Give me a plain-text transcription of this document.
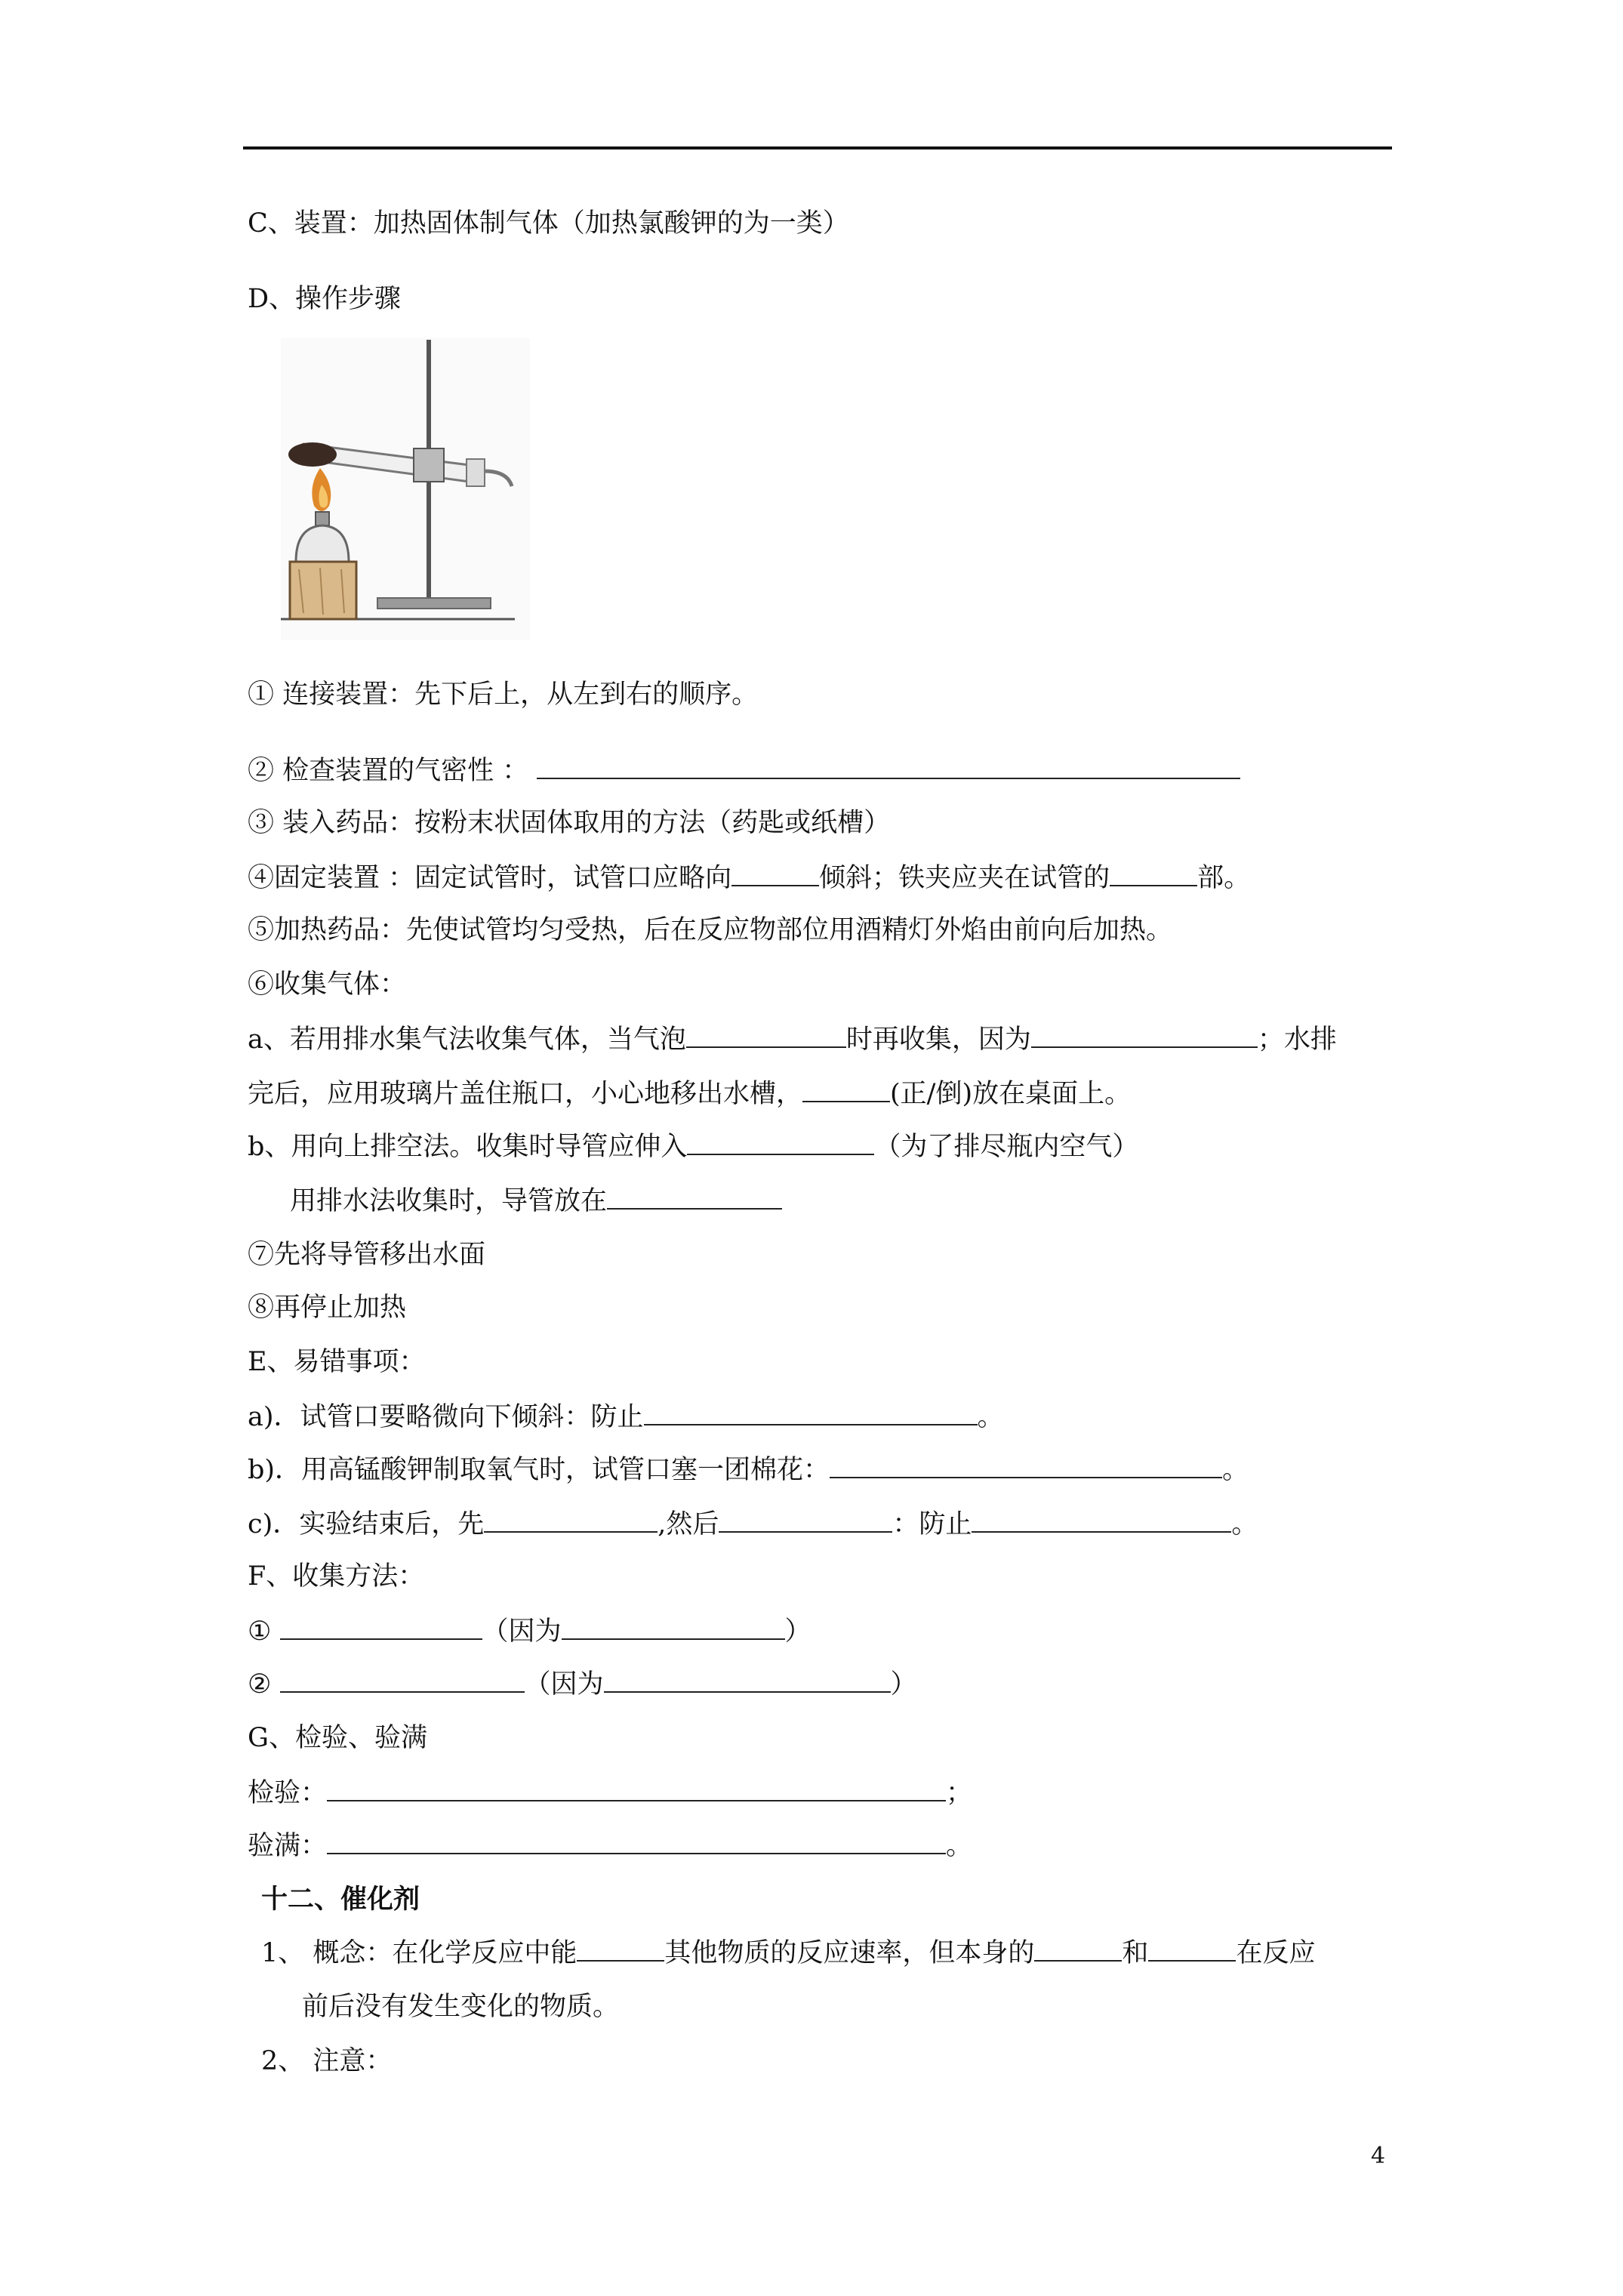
C、装置：加热固体制气体（加热氯酸钾的为一类）
D、操作步骤
① 连接装置：先下后上，从左到右的顺序。
② 检查装置的气密性 ：
③ 装入药品：按粉末状固体取用的方法（药匙或纸槽）
④固定装置 ：固定试管时，试管口应略向	倾斜；铁夹应夹在试管的	部。
⑤加热药品：先使试管均匀受热，后在反应物部位用酒精灯外焰由前向后加热。
⑥收集气体：
a、若用排水集气法收集气体，当气泡	时再收集，因为	；水排
完后，应用玻璃片盖住瓶口，小心地移出水槽，	(正/倒)放在桌面上。
b、用向上排空法。收集时导管应伸入	（为了排尽瓶内空气）
用排水法收集时，导管放在
⑦先将导管移出水面
⑧再停止加热
E、易错事项：
a)．试管口要略微向下倾斜：防止	。
b)．用高锰酸钾制取氧气时，试管口塞一团棉花：	。
c)．实验结束后，先	,然后	：防止	。
F、收集方法：
①	（因为	）
②	（因为	）
G、检验、验满
检验：	；
验满：	。
十二、催化剂
1、 概念：在化学反应中能	其他物质的反应速率，但本身的	和	在反应
前后没有发生变化的物质。
2、 注意：
4
